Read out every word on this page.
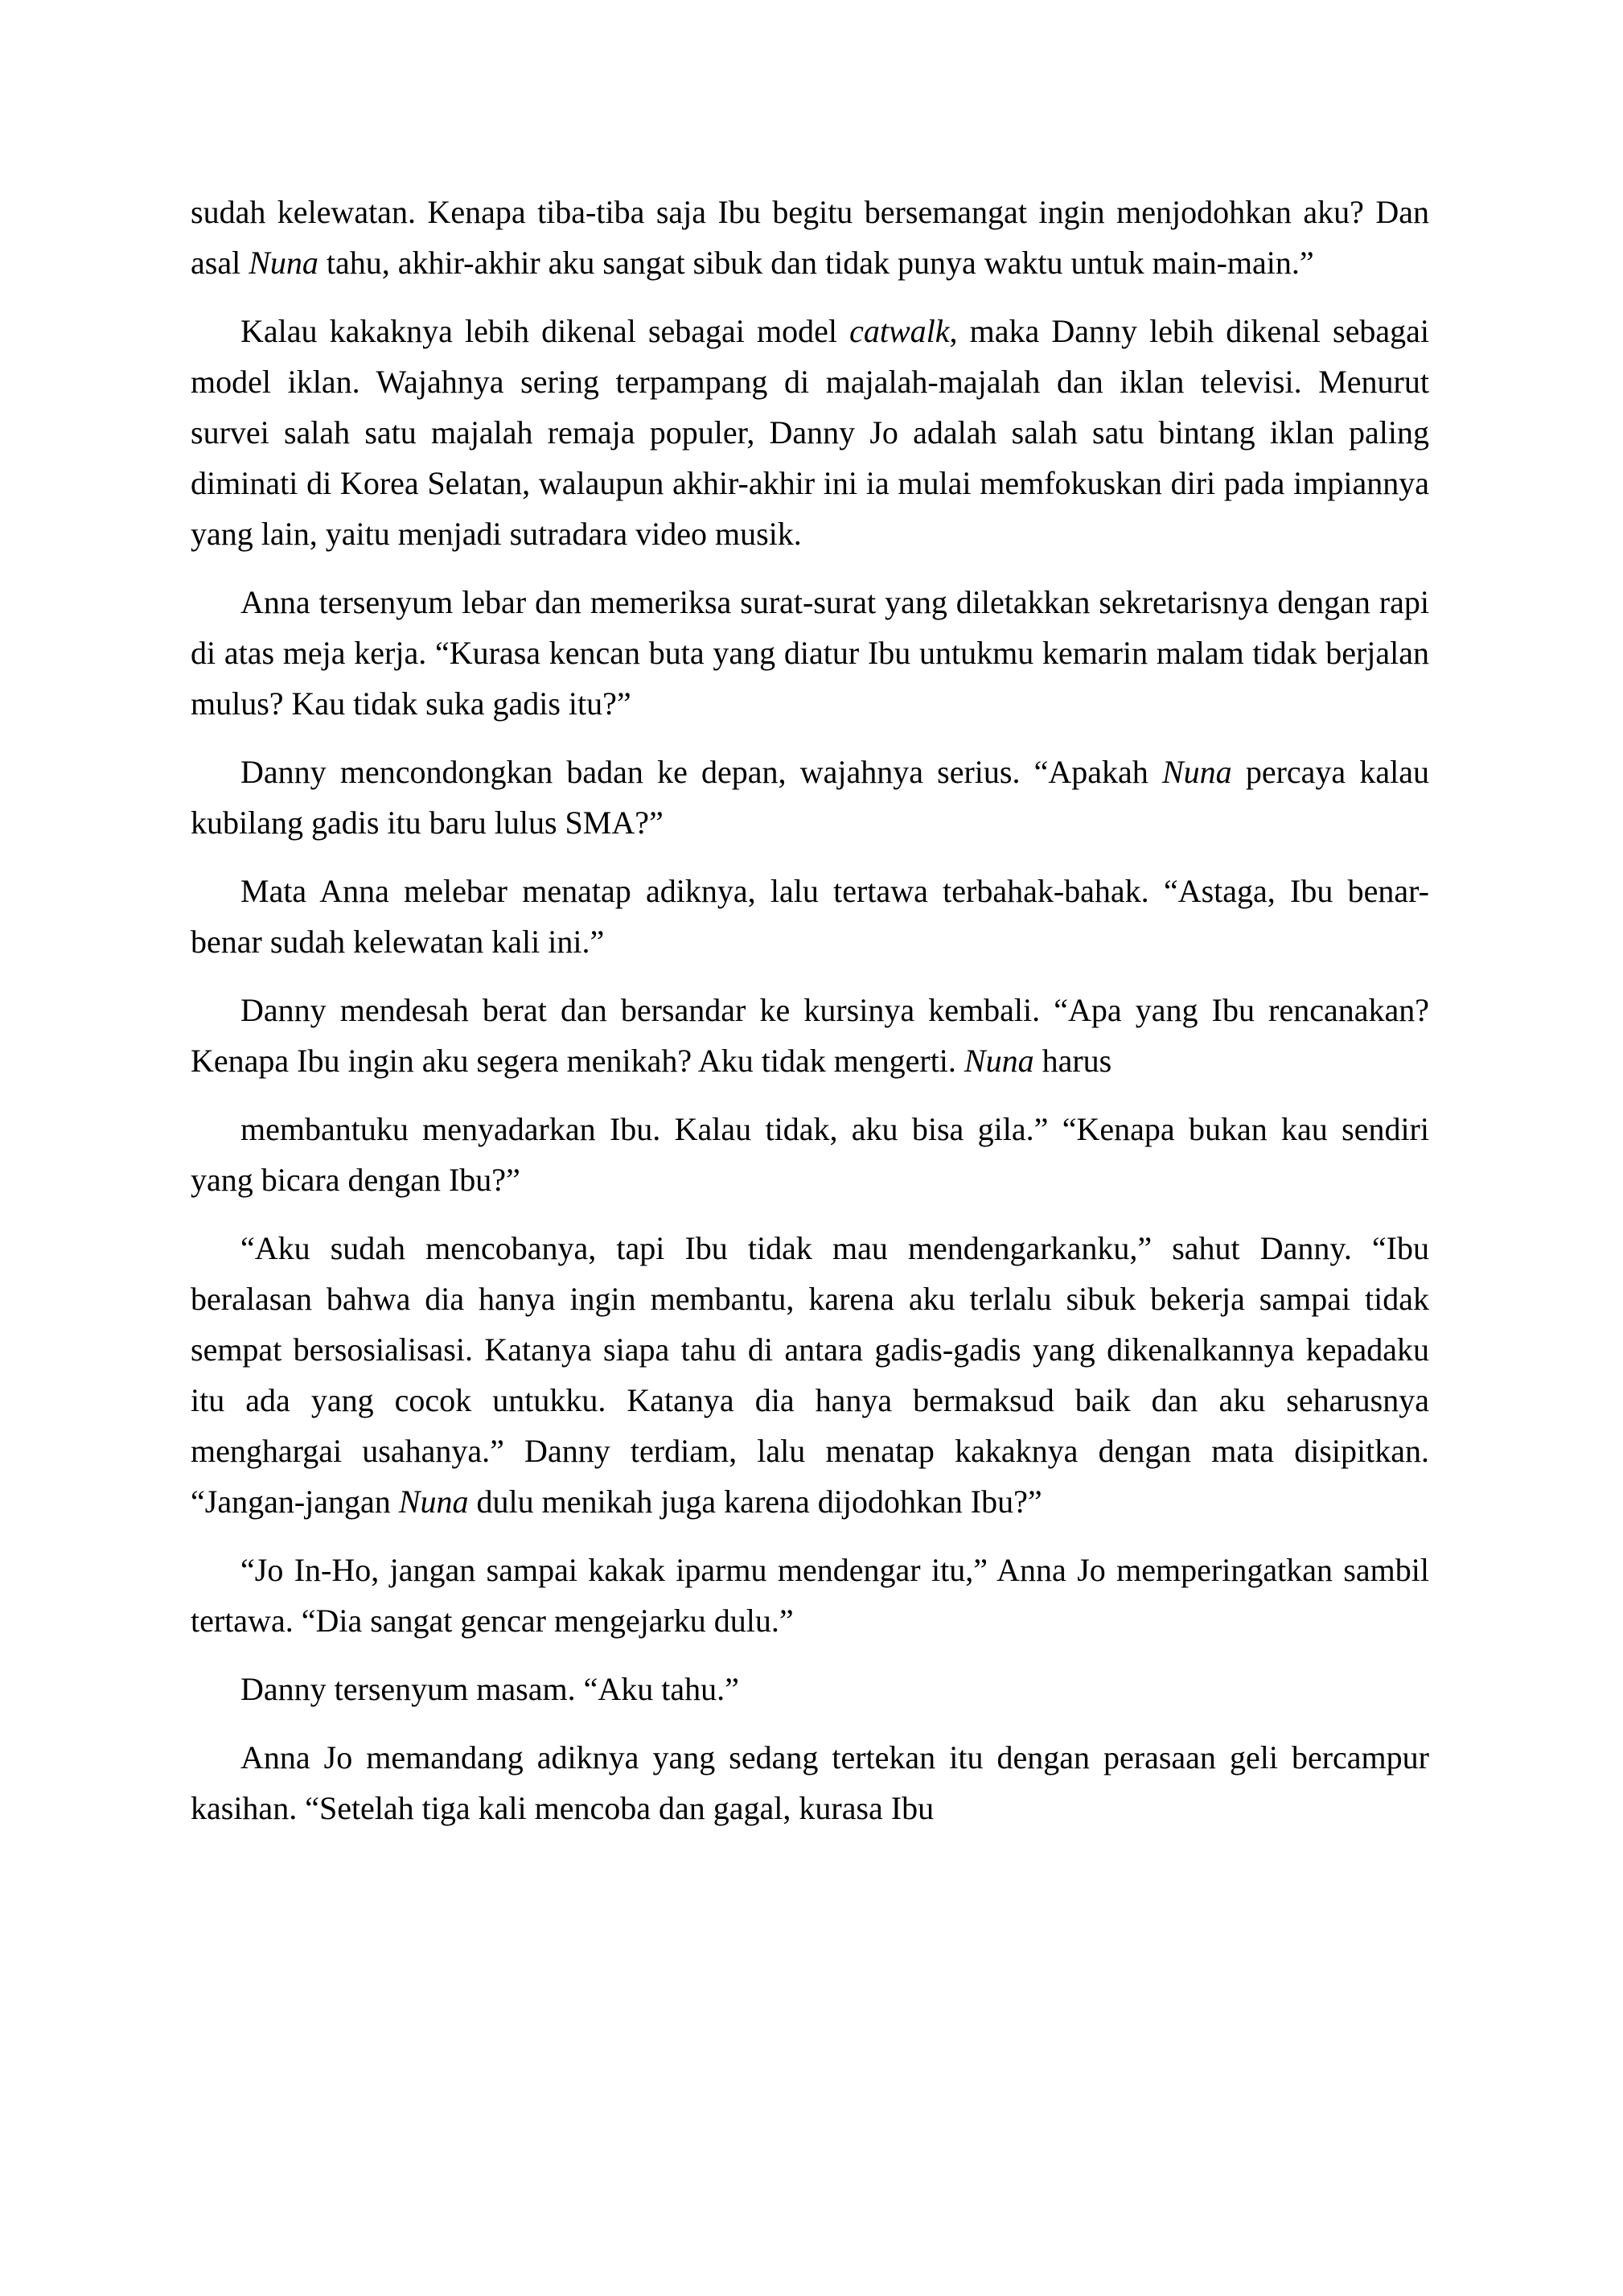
sudah kelewatan. Kenapa tiba-tiba saja Ibu begitu bersemangat ingin menjodohkan aku? Dan asal Nuna tahu, akhir-akhir aku sangat sibuk dan tidak punya waktu untuk main-main.”

Kalau kakaknya lebih dikenal sebagai model catwalk, maka Danny lebih dikenal sebagai model iklan. Wajahnya sering terpampang di majalah-majalah dan iklan televisi. Menurut survei salah satu majalah remaja populer, Danny Jo adalah salah satu bintang iklan paling diminati di Korea Selatan, walaupun akhir-akhir ini ia mulai memfokuskan diri pada impiannya yang lain, yaitu menjadi sutradara video musik.

Anna tersenyum lebar dan memeriksa surat-surat yang diletakkan sekretarisnya dengan rapi di atas meja kerja. “Kurasa kencan buta yang diatur Ibu untukmu kemarin malam tidak berjalan mulus? Kau tidak suka gadis itu?”

Danny mencondongkan badan ke depan, wajahnya serius. “Apakah Nuna percaya kalau kubilang gadis itu baru lulus SMA?”

Mata Anna melebar menatap adiknya, lalu tertawa terbahak-bahak. “Astaga, Ibu benar-benar sudah kelewatan kali ini.”

Danny mendesah berat dan bersandar ke kursinya kembali. “Apa yang Ibu rencanakan? Kenapa Ibu ingin aku segera menikah? Aku tidak mengerti. Nuna harus

membantuku menyadarkan Ibu. Kalau tidak, aku bisa gila.” “Kenapa bukan kau sendiri yang bicara dengan Ibu?”

“Aku sudah mencobanya, tapi Ibu tidak mau mendengarkanku,” sahut Danny. “Ibu beralasan bahwa dia hanya ingin membantu, karena aku terlalu sibuk bekerja sampai tidak sempat bersosialisasi. Katanya siapa tahu di antara gadis-gadis yang dikenalkannya kepadaku itu ada yang cocok untukku. Katanya dia hanya bermaksud baik dan aku seharusnya menghargai usahanya.” Danny terdiam, lalu menatap kakaknya dengan mata disipitkan. “Jangan-jangan Nuna dulu menikah juga karena dijodohkan Ibu?”

“Jo In-Ho, jangan sampai kakak iparmu mendengar itu,” Anna Jo memperingatkan sambil tertawa. “Dia sangat gencar mengejarku dulu.”

Danny tersenyum masam. “Aku tahu.”

Anna Jo memandang adiknya yang sedang tertekan itu dengan perasaan geli bercampur kasihan. “Setelah tiga kali mencoba dan gagal, kurasa Ibu
